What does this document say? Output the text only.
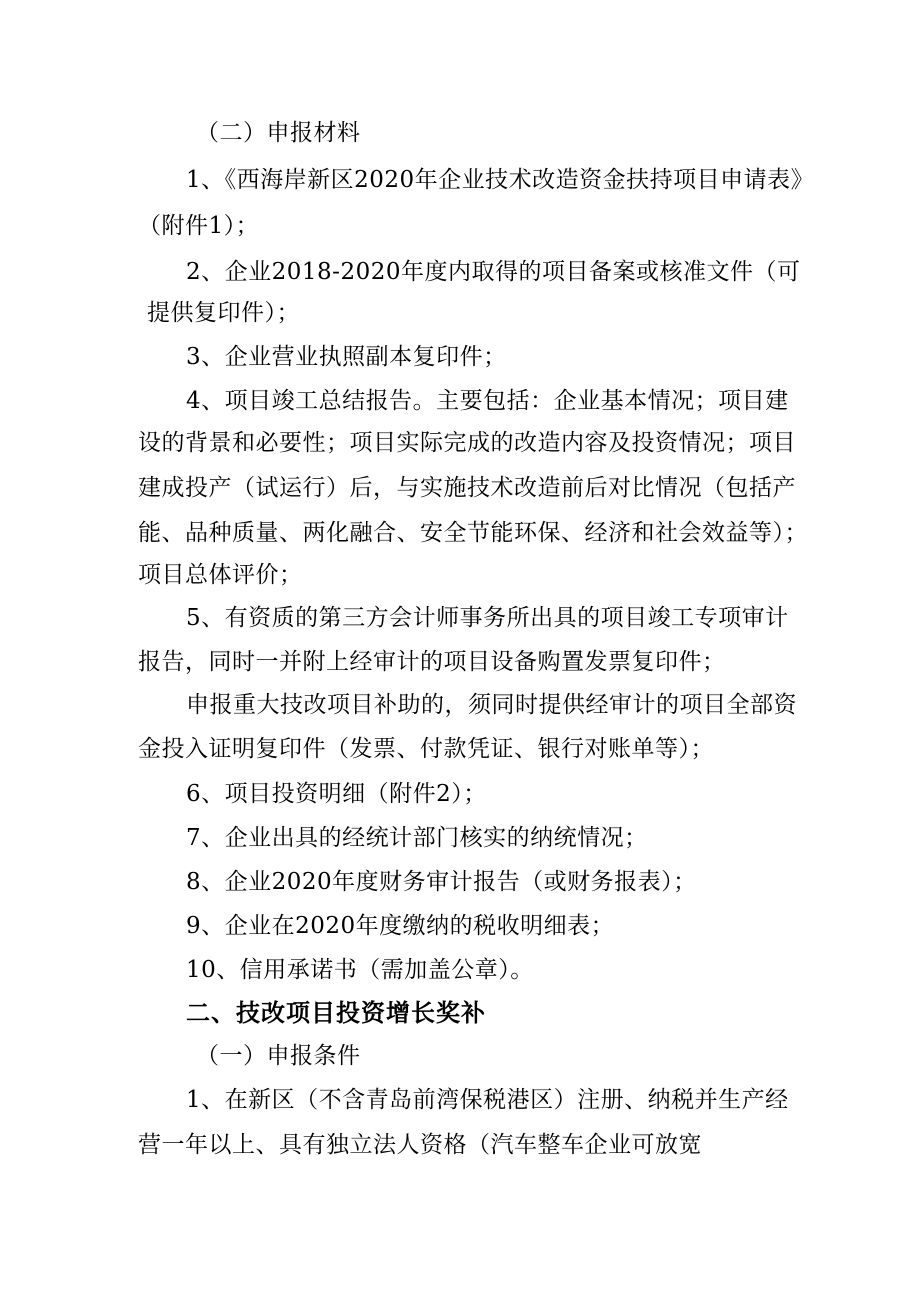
（二）申报材料
1、《西海岸新区2020年企业技术改造资金扶持项目申请表》
（附件1）；
2、企业2018-2020年度内取得的项目备案或核准文件（可
提供复印件）；
3、企业营业执照副本复印件；
4、项目竣工总结报告。主要包括：企业基本情况；项目建
设的背景和必要性；项目实际完成的改造内容及投资情况；项目
建成投产（试运行）后，与实施技术改造前后对比情况（包括产
能、品种质量、两化融合、安全节能环保、经济和社会效益等）；
项目总体评价；
5、有资质的第三方会计师事务所出具的项目竣工专项审计
报告，同时一并附上经审计的项目设备购置发票复印件；
申报重大技改项目补助的，须同时提供经审计的项目全部资
金投入证明复印件（发票、付款凭证、银行对账单等）；
6、项目投资明细（附件2）；
7、企业出具的经统计部门核实的纳统情况；
8、企业2020年度财务审计报告（或财务报表）；
9、企业在2020年度缴纳的税收明细表；
10、信用承诺书（需加盖公章）。
二、技改项目投资增长奖补
（一）申报条件
1、在新区（不含青岛前湾保税港区）注册、纳税并生产经
营一年以上、具有独立法人资格（汽车整车企业可放宽
